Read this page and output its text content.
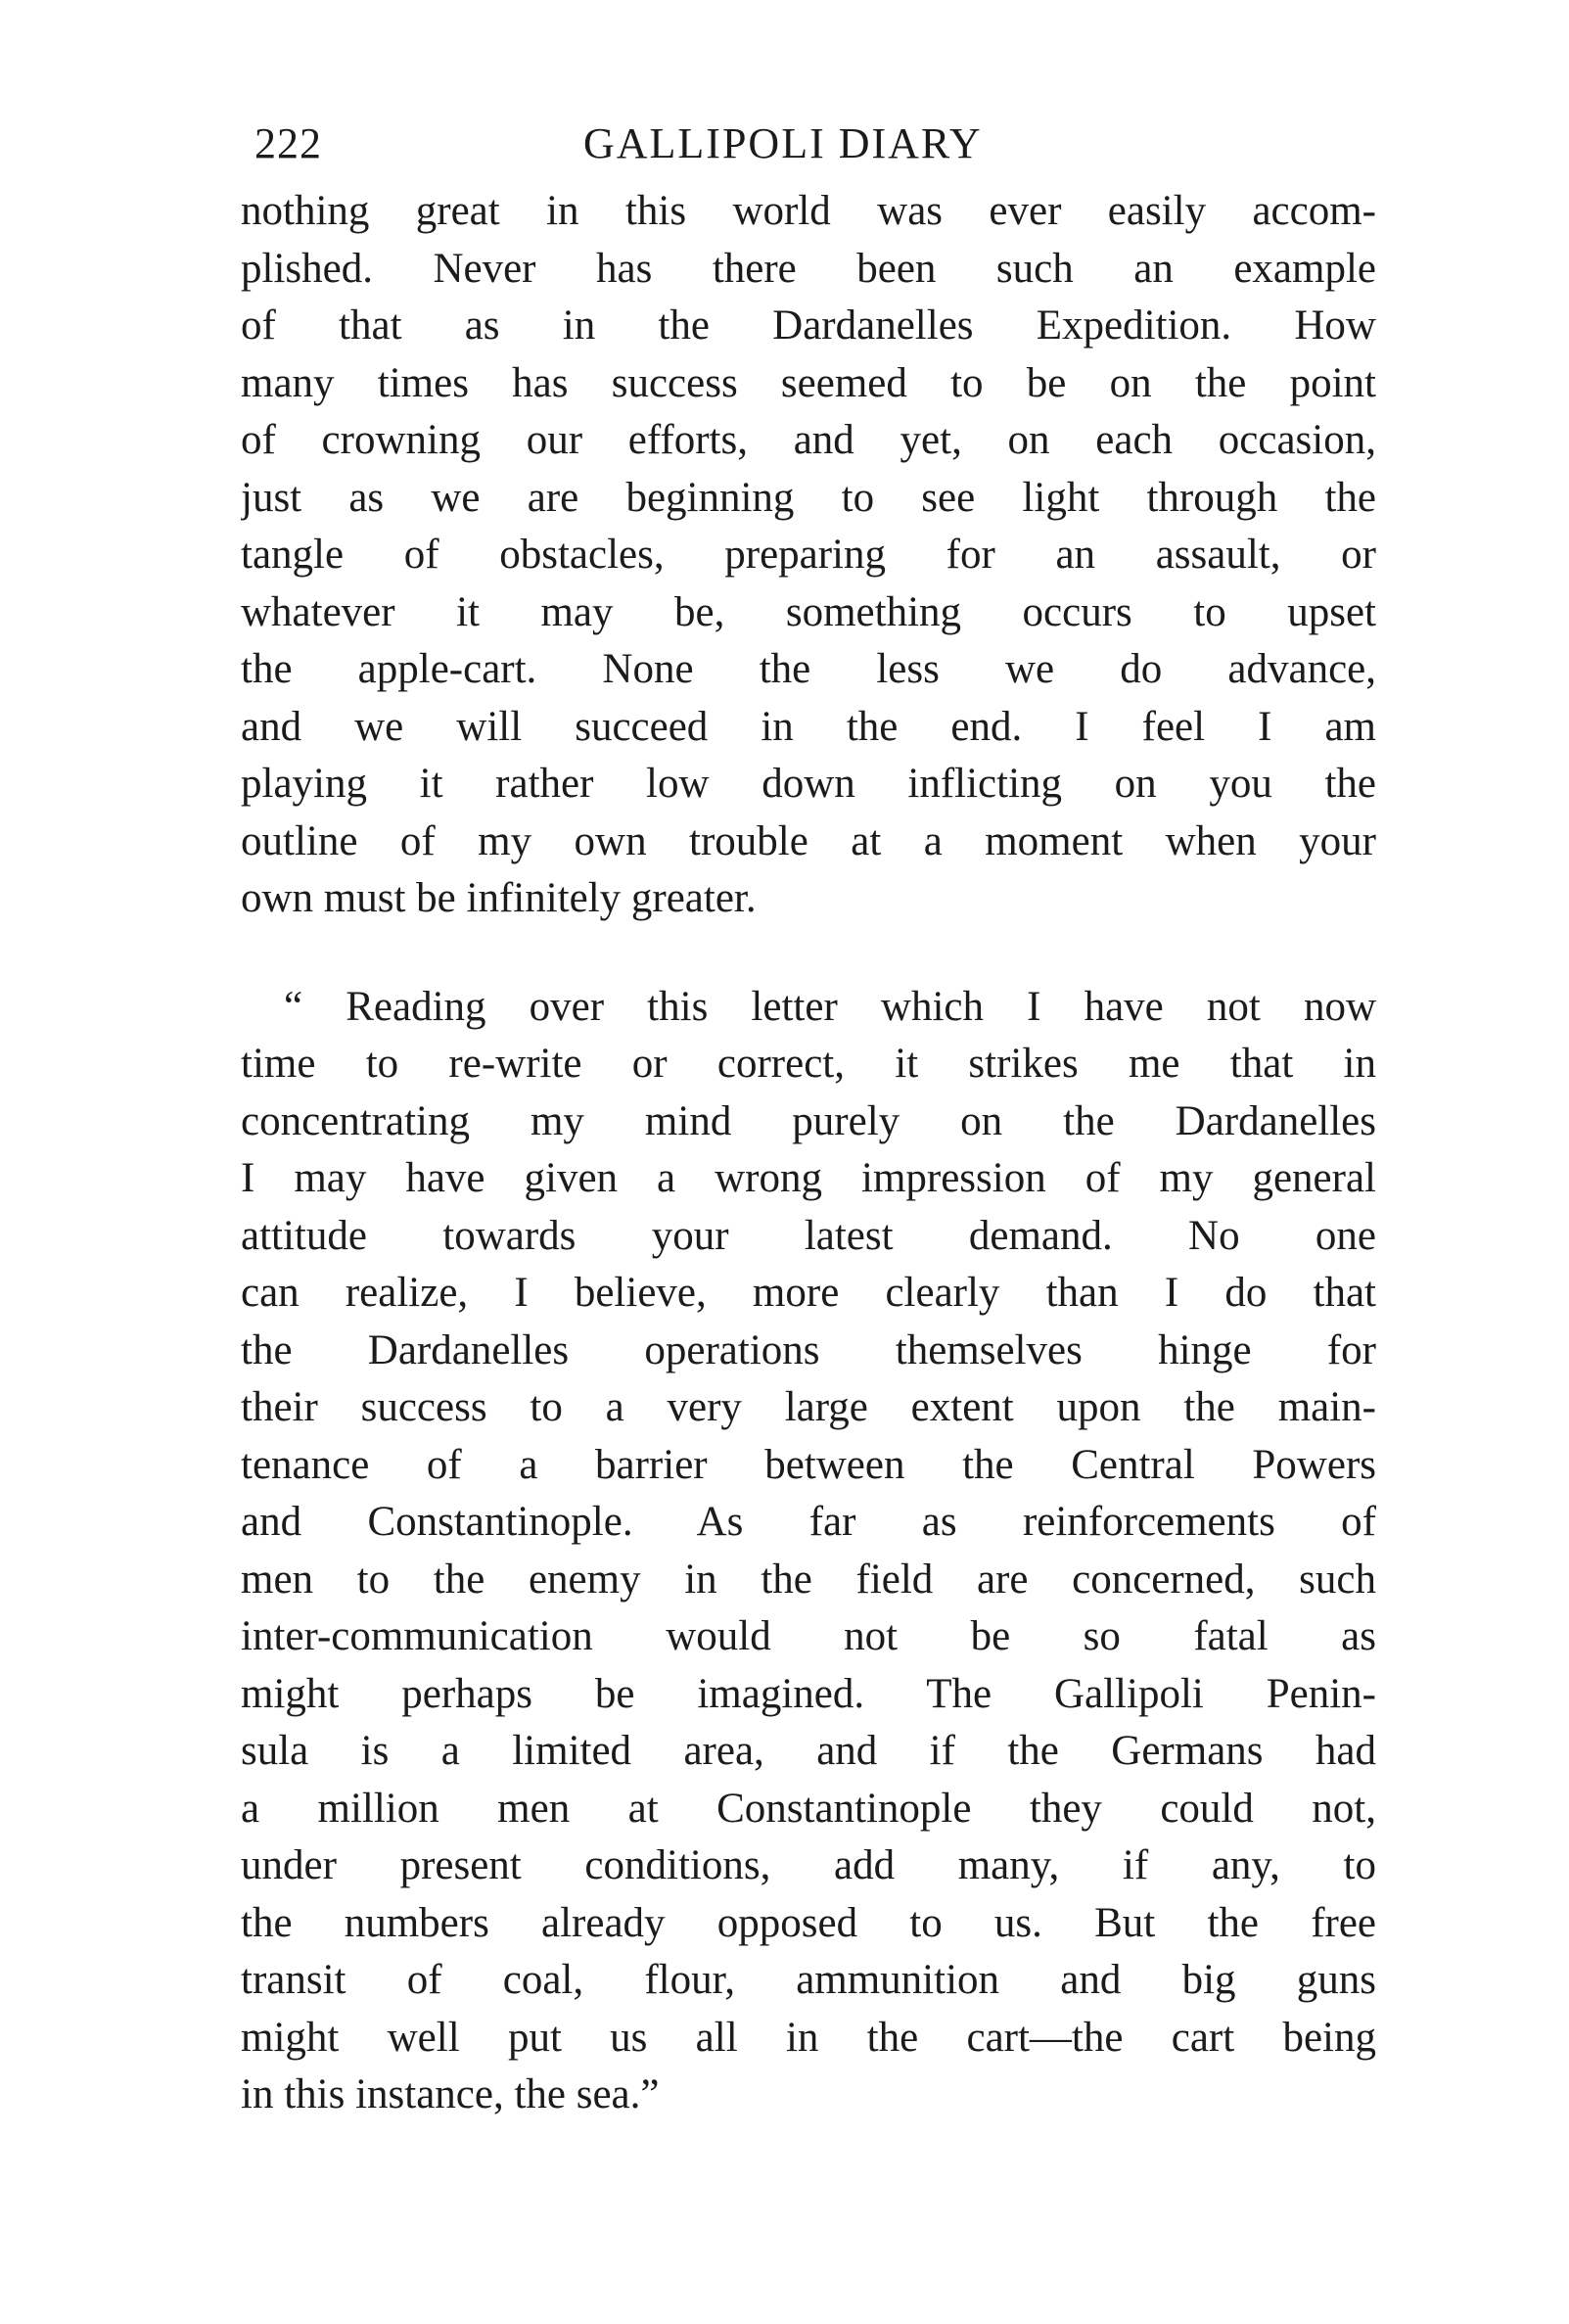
222	GALLIPOLI DIARY
nothing great in this world was ever easily accom-
plished. Never has there been such an example
of that as in the Dardanelles Expedition. How
many times has success seemed to be on the point
of crowning our efforts, and yet, on each occasion,
just as we are beginning to see light through the
tangle of obstacles, preparing for an assault, or
whatever it may be, something occurs to upset
the apple-cart. None the less we do advance,
and we will succeed in the end. I feel I am
playing it rather low down inflicting on you the
outline of my own trouble at a moment when your
own must be infinitely greater.
“ Reading over this letter which I have not now
time to re-write or correct, it strikes me that in
concentrating my mind purely on the Dardanelles
I may have given a wrong impression of my general
attitude towards your latest demand. No one
can realize, I believe, more clearly than I do that
the Dardanelles operations themselves hinge for
their success to a very large extent upon the main-
tenance of a barrier between the Central Powers
and Constantinople. As far as reinforcements of
men to the enemy in the field are concerned, such
inter-communication would not be so fatal as
might perhaps be imagined. The Gallipoli Penin-
sula is a limited area, and if the Germans had
a million men at Constantinople they could not,
under present conditions, add many, if any, to
the numbers already opposed to us. But the free
transit of coal, flour, ammunition and big guns
might well put us all in the cart—the cart being
in this instance, the sea.”
